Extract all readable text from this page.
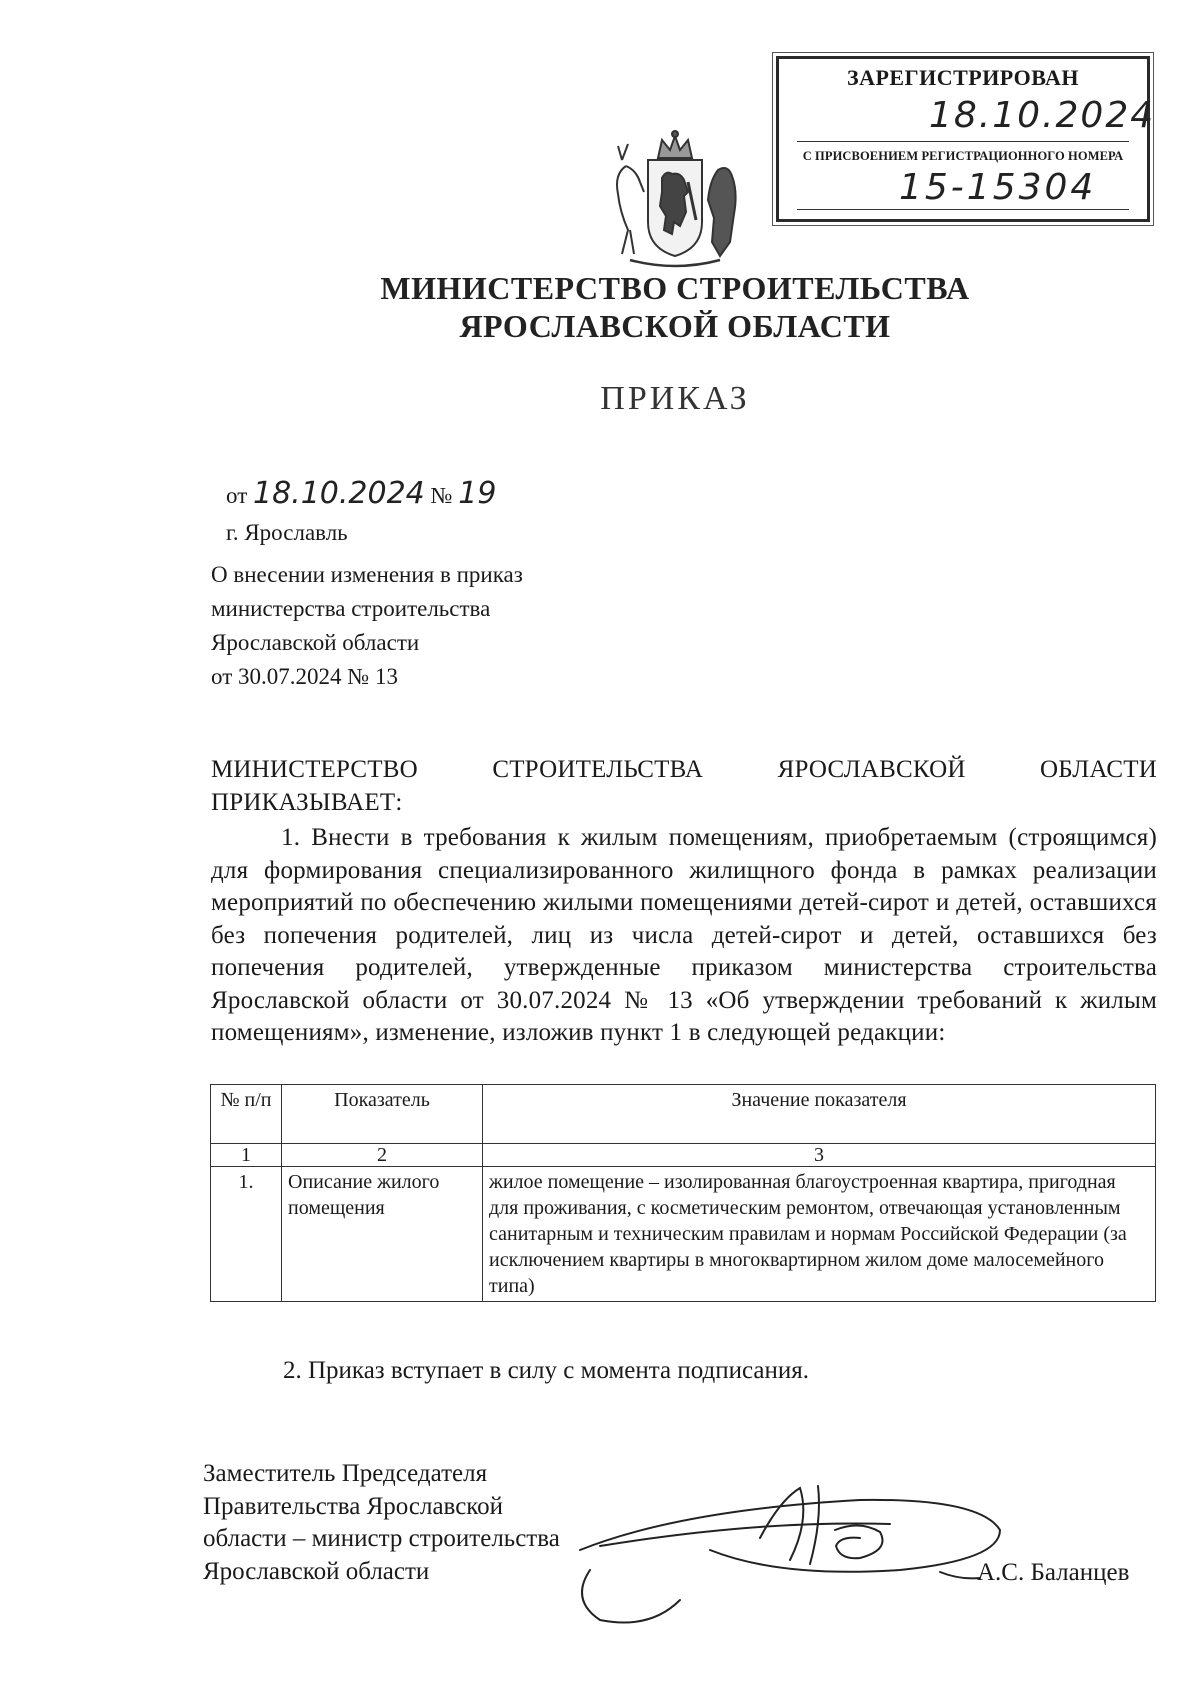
ЗАРЕГИСТРИРОВАН
18.10.2024
С ПРИСВОЕНИЕМ РЕГИСТРАЦИОННОГО НОМЕРА
15-15304
МИНИСТЕРСТВО СТРОИТЕЛЬСТВА
ЯРОСЛАВСКОЙ ОБЛАСТИ
ПРИКАЗ
от 18.10.2024 № 19
г. Ярославль
О внесении изменения в приказ
министерства строительства
Ярославской области
от 30.07.2024 № 13
МИНИСТЕРСТВО СТРОИТЕЛЬСТВА ЯРОСЛАВСКОЙ ОБЛАСТИ
ПРИКАЗЫВАЕТ:
1. Внести в требования к жилым помещениям, приобретаемым (строящимся) для формирования специализированного жилищного фонда в рамках реализации мероприятий по обеспечению жилыми помещениями детей-сирот и детей, оставшихся без попечения родителей, лиц из числа детей-сирот и детей, оставшихся без попечения родителей, утвержденные приказом министерства строительства Ярославской области от 30.07.2024 № 13 «Об утверждении требований к жилым помещениям», изменение, изложив пункт 1 в следующей редакции:
№ п/п	Показатель	Значение показателя
1	2	3
1.	Описание жилого помещения	жилое помещение – изолированная благоустроенная квартира, пригодная для проживания, с косметическим ремонтом, отвечающая установленным санитарным и техническим правилам и нормам Российской Федерации (за исключением квартиры в многоквартирном жилом доме малосемейного типа)
2. Приказ вступает в силу с момента подписания.
Заместитель Председателя
Правительства Ярославской
области – министр строительства
Ярославской области	А.С. Баланцев
